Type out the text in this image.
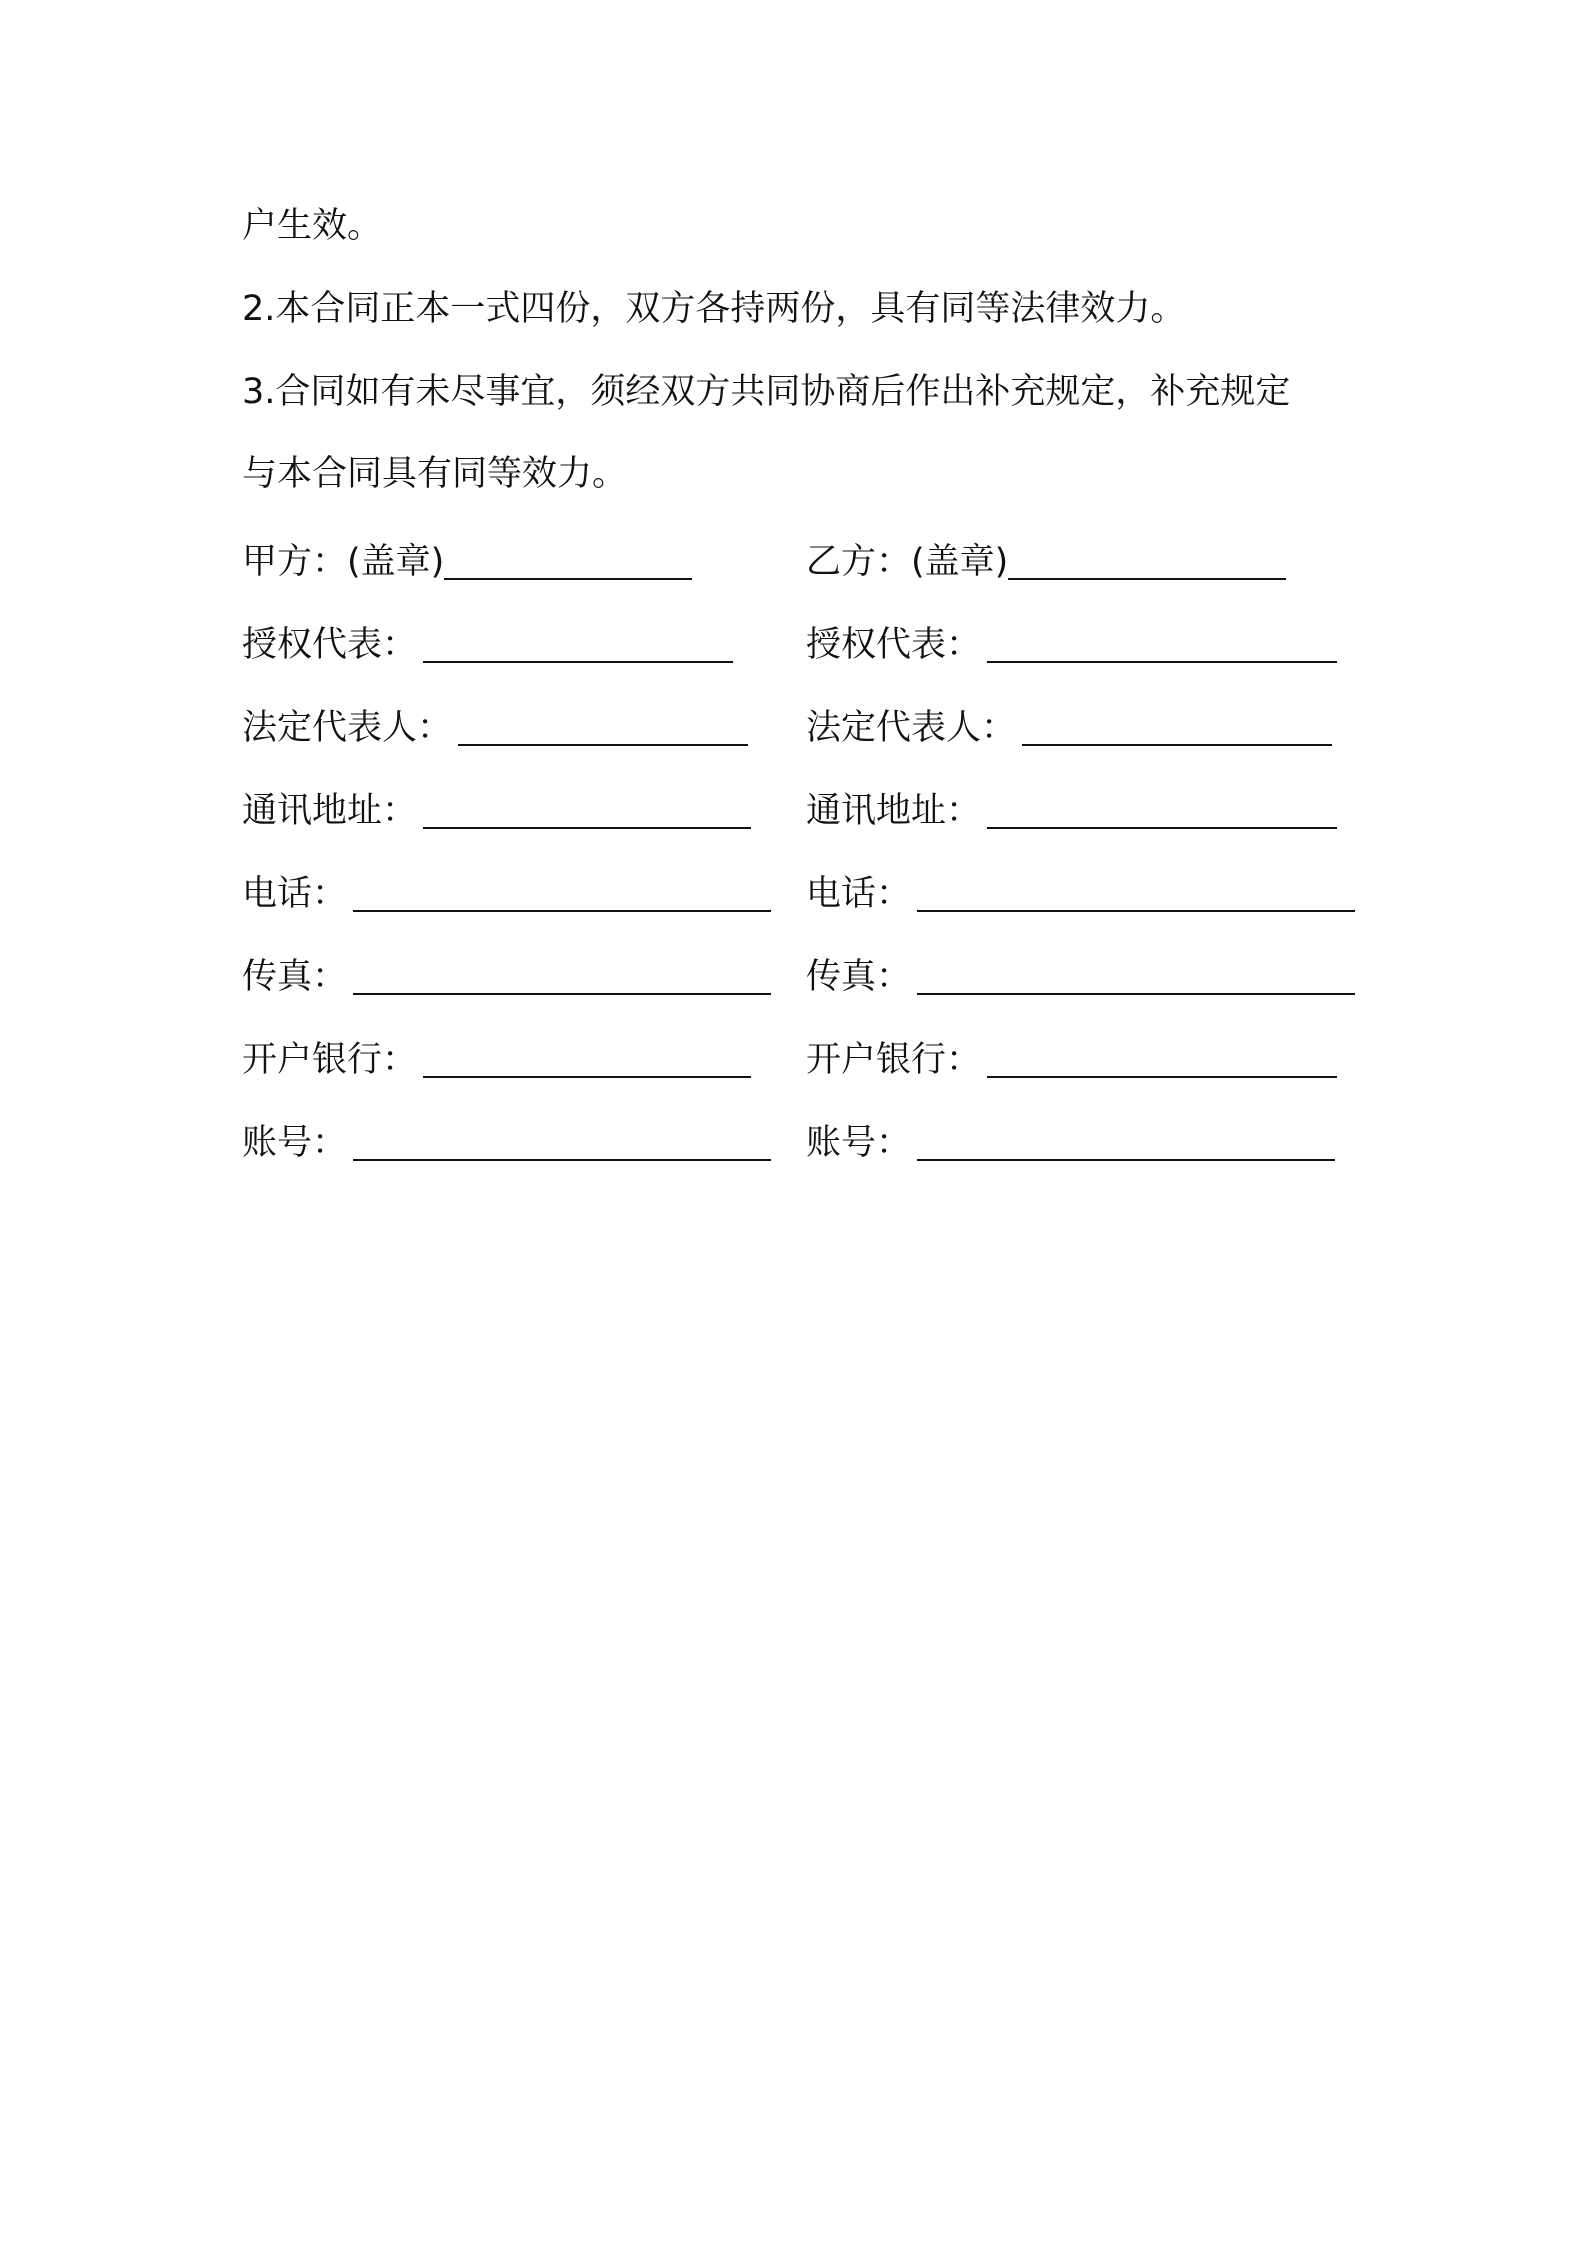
户生效。

2.本合同正本一式四份，双方各持两份，具有同等法律效力。

3.合同如有未尽事宜，须经双方共同协商后作出补充规定，补充规定

与本合同具有同等效力。

甲方：(盖章)	乙方：(盖章)
授权代表：	授权代表：
法定代表人：	法定代表人：
通讯地址：	通讯地址：
电话：	电话：
传真：	传真：
开户银行：	开户银行：
账号：	账号：
